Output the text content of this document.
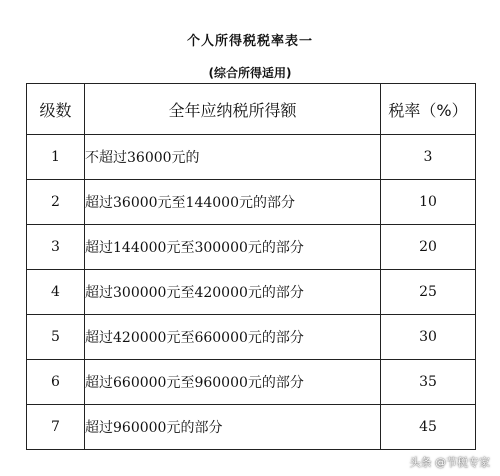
个人所得税税率表一
(综合所得适用)
级数	全年应纳税所得额	税率（%）
1	不超过36000元的	3
2	超过36000元至144000元的部分	10
3	超过144000元至300000元的部分	20
4	超过300000元至420000元的部分	25
5	超过420000元至660000元的部分	30
6	超过660000元至960000元的部分	35
7	超过960000元的部分	45
头条 @节税专家
